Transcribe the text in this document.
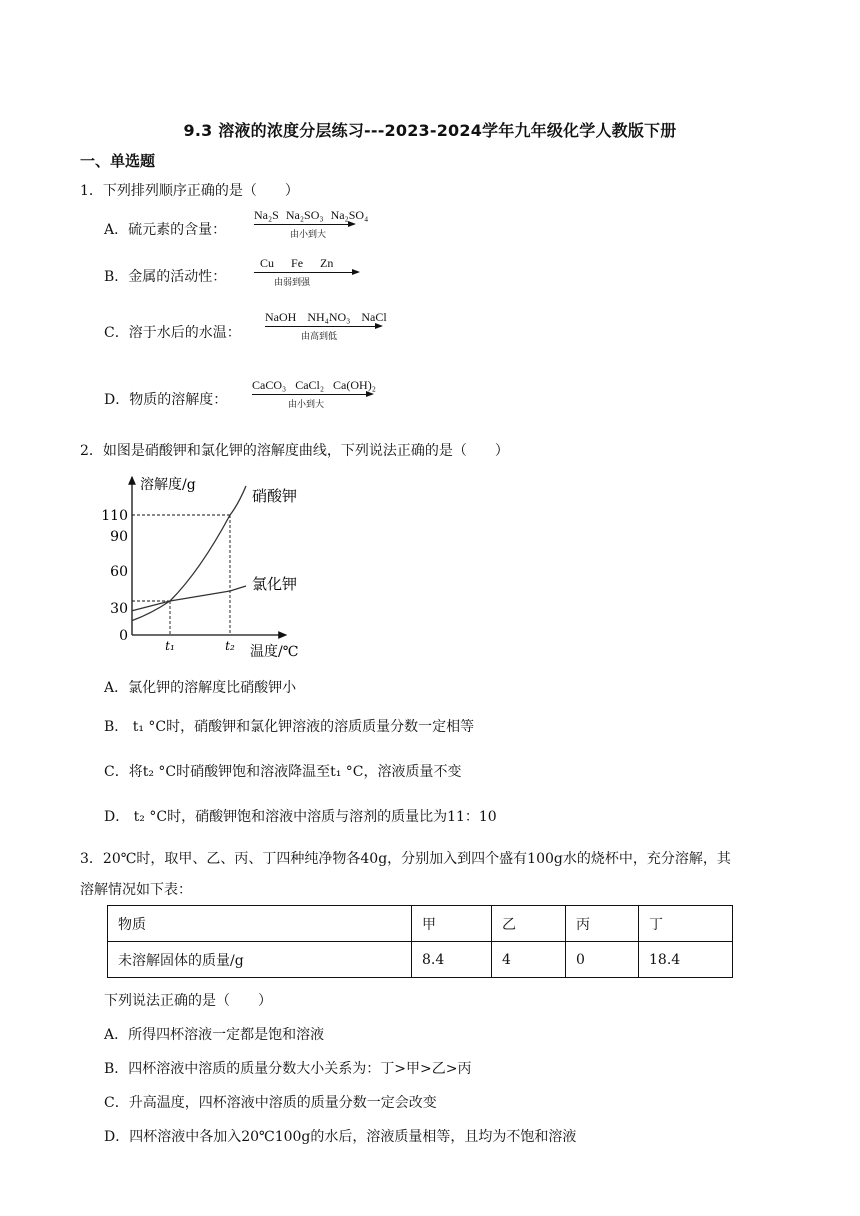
9.3 溶液的浓度分层练习---2023-2024学年九年级化学人教版下册
一、单选题
1．下列排列顺序正确的是（　　）
A．硫元素的含量：
Na₂S Na₂SO₃ Na₂SO₄
由小到大
B．金属的活动性：
Cu Fe Zn
由弱到强
C．溶于水后的水温：
NaOH NH₄NO₃ NaCl
由高到低
D．物质的溶解度：
CaCO₃ CaCl₂ Ca(OH)₂
由小到大
2．如图是硝酸钾和氯化钾的溶解度曲线，下列说法正确的是（　　）
溶解度/g
温度/℃
0
30
60
90
110
t₁	t₂
硝酸钾
氯化钾
A．氯化钾的溶解度比硝酸钾小
B． t₁ °C时，硝酸钾和氯化钾溶液的溶质质量分数一定相等
C．将t₂ °C时硝酸钾饱和溶液降温至t₁ °C，溶液质量不变
D． t₂ °C时，硝酸钾饱和溶液中溶质与溶剂的质量比为11：10
3．20℃时，取甲、乙、丙、丁四种纯净物各40g，分别加入到四个盛有100g水的烧杯中，充分溶解，其
溶解情况如下表：
物质	甲	乙	丙	丁
未溶解固体的质量/g	8.4	4	0	18.4
下列说法正确的是（　　）
A．所得四杯溶液一定都是饱和溶液
B．四杯溶液中溶质的质量分数大小关系为：丁>甲>乙>丙
C．升高温度，四杯溶液中溶质的质量分数一定会改变
D．四杯溶液中各加入20℃100g的水后，溶液质量相等，且均为不饱和溶液
